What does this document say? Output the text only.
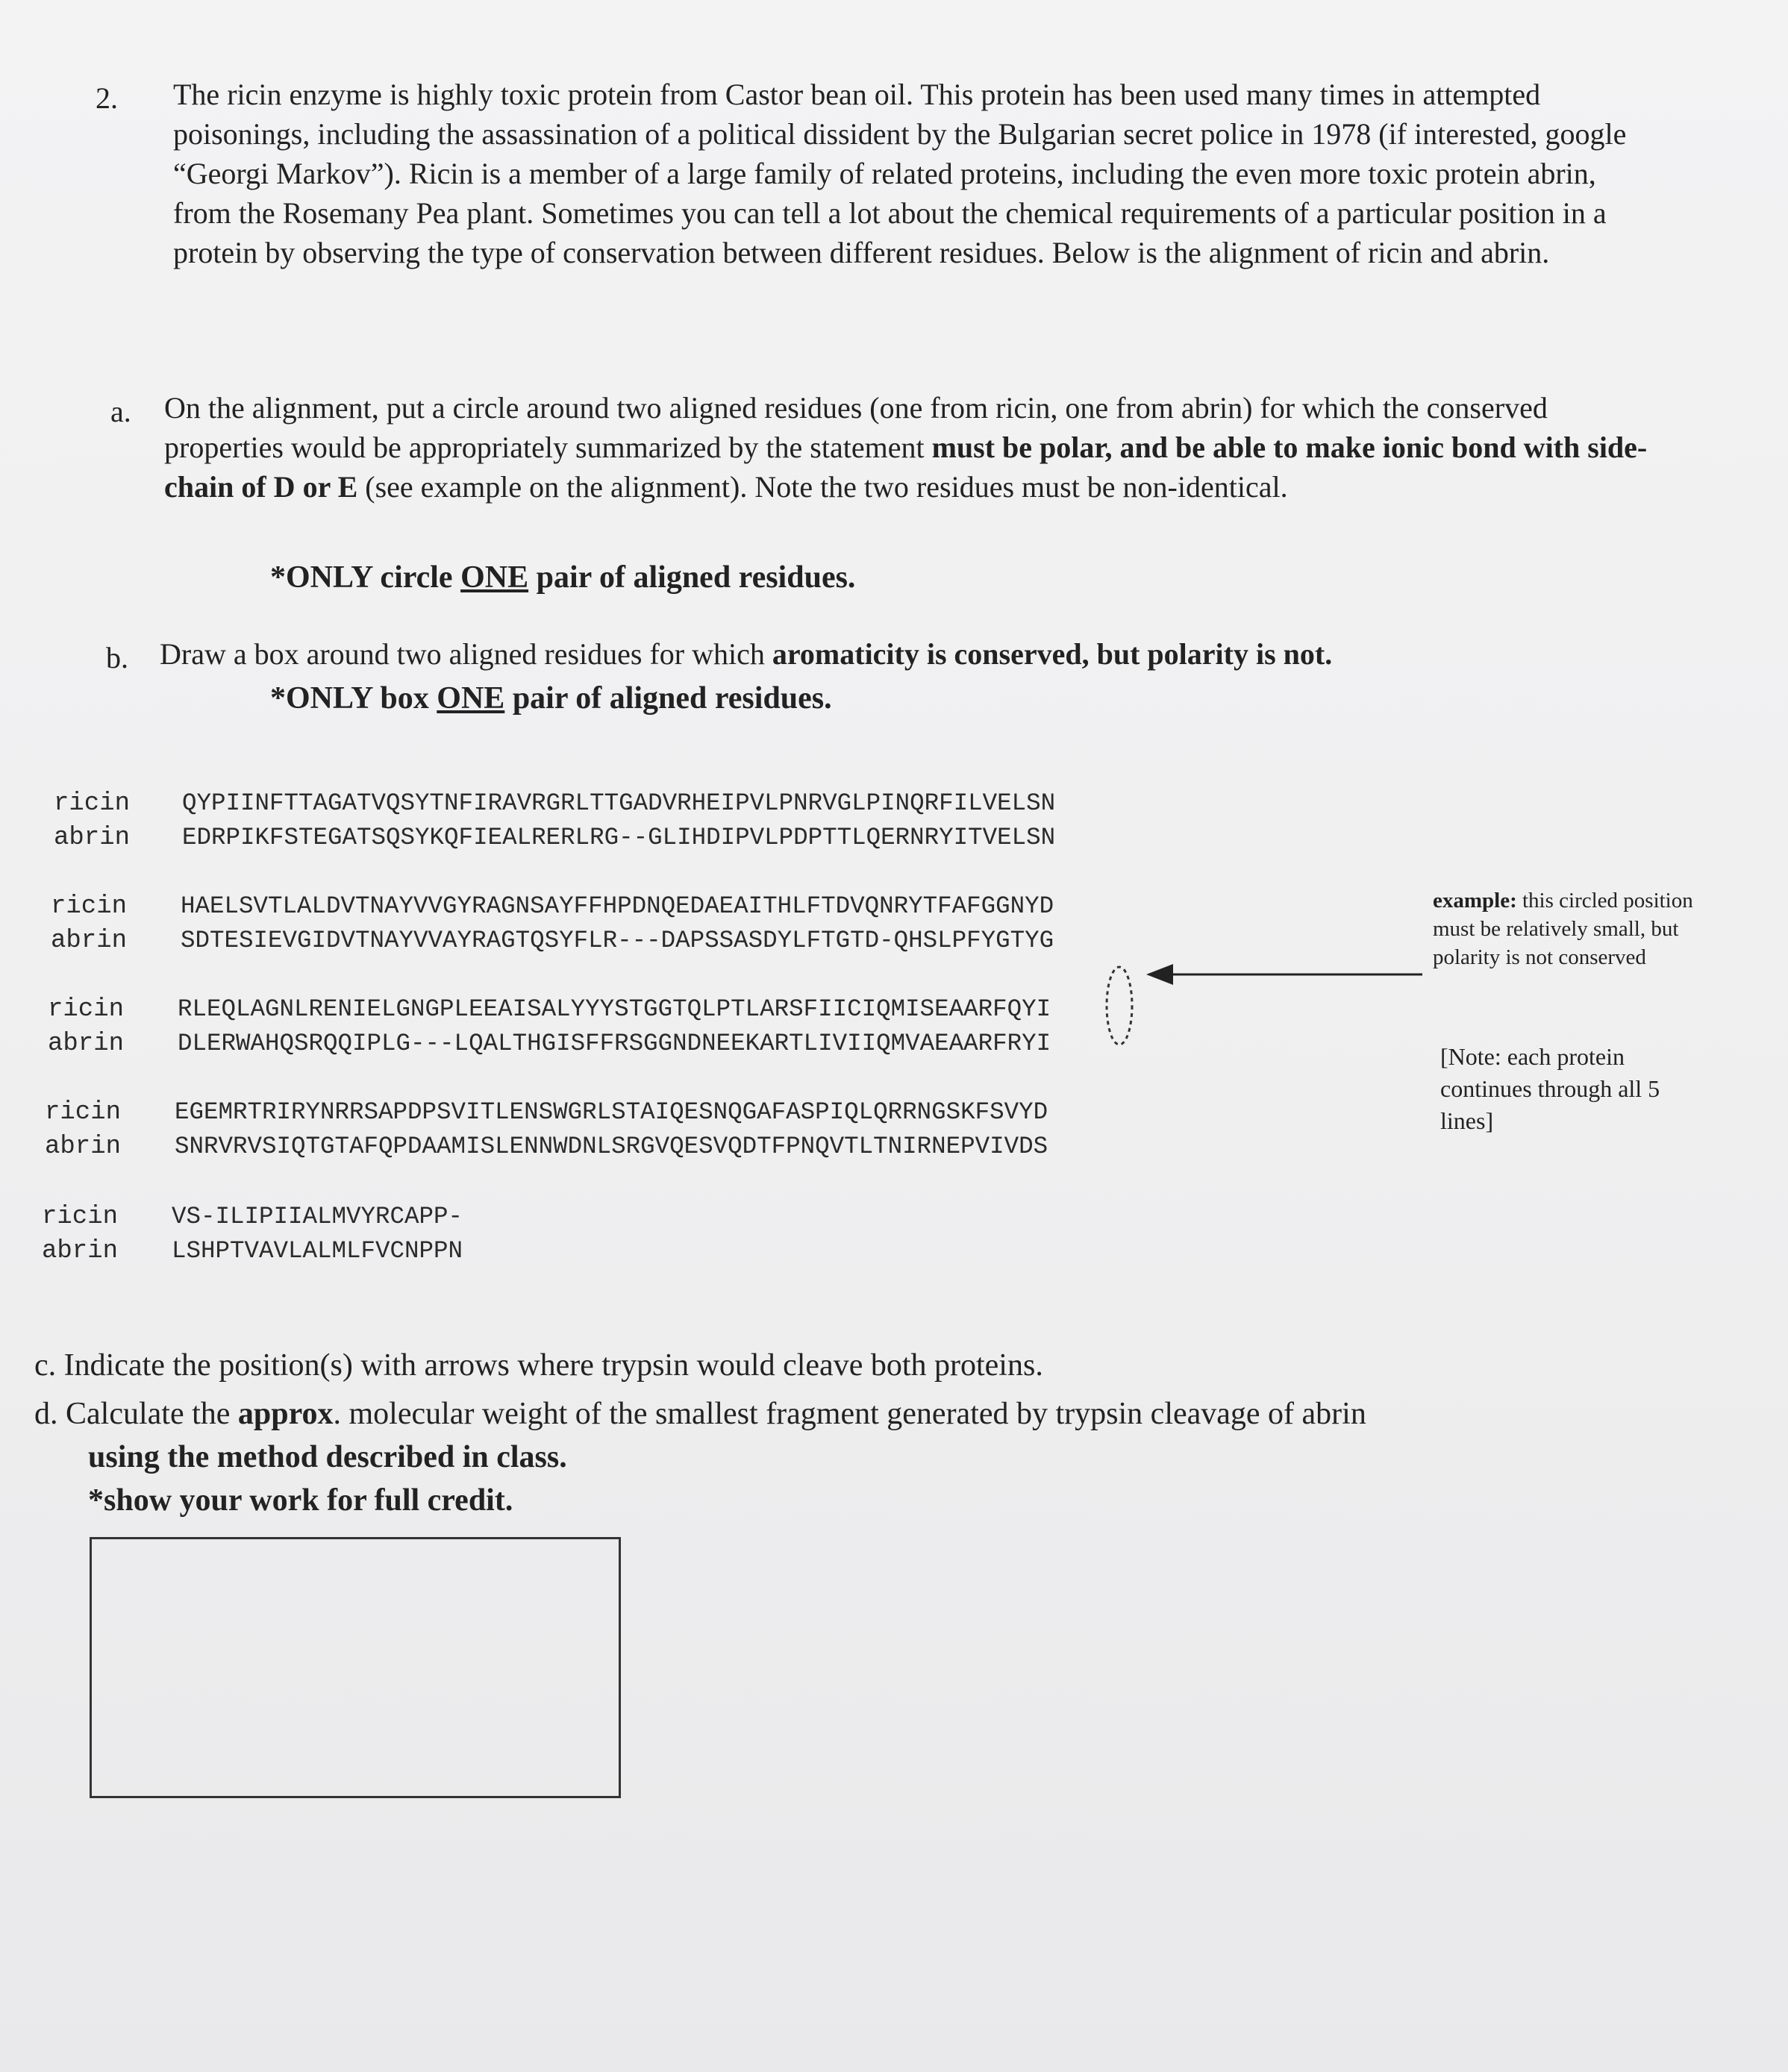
2. The ricin enzyme is highly toxic protein from Castor bean oil. This protein has been used many times in attempted poisonings, including the assassination of a political dissident by the Bulgarian secret police in 1978 (if interested, google “Georgi Markov”). Ricin is a member of a large family of related proteins, including the even more toxic protein abrin, from the Rosemany Pea plant. Sometimes you can tell a lot about the chemical requirements of a particular position in a protein by observing the type of conservation between different residues. Below is the alignment of ricin and abrin.
a. On the alignment, put a circle around two aligned residues (one from ricin, one from abrin) for which the conserved properties would be appropriately summarized by the statement must be polar, and be able to make ionic bond with side-chain of D or E (see example on the alignment). Note the two residues must be non-identical.
*ONLY circle ONE pair of aligned residues.
b. Draw a box around two aligned residues for which aromaticity is conserved, but polarity is not.
*ONLY box ONE pair of aligned residues.
ricin QYPIINFTTAGATVQSYTNFIRAVRGRLTTGADVRHEIPVLPNRVGLPINQRFILVELSN
abrin EDRPIKFSTEGATSQSYKQFIEALRERLRG--GLIHDIPVLPDPTTLQERNRYITVELSN
ricin HAELSVTLALDVTNAYVVGYRAGNSAYFFHPDNQEDAEAITHLFTDVQNRYTFAFGGNYD
abrin SDTESIEVGIDVTNAYVVAYRAGTQSYFLR---DAPSSASDYLFTGTD-QHSLPFYGTYG
ricin RLEQLAGNLRENIELGNGPLEEAISALYYYSTGGTQLPTLARSFIICIQMISEAARFQYI
abrin DLERWAHQSRQQIPLG---LQALTHGISFFRSGGNDNEEKARTLIVIIQMVAEAARFRYI
ricin EGEMRTRIRYNRRSAPDPSVITLENSWGRLSTAIQESNQGAFASPIQLQRRNGSKFSVYD
abrin SNRVRVSIQTGTAFQPDAAMISLENNWDNLSRGVQESVQDTFPNQVTLTNIRNEPVIVDS
ricin VS-ILIPIIALMVYRCAPP-
abrin LSHPTVAVLALMLFVCNPPN
example: this circled position must be relatively small, but polarity is not conserved
[Note: each protein continues through all 5 lines]
c. Indicate the position(s) with arrows where trypsin would cleave both proteins.
d. Calculate the approx. molecular weight of the smallest fragment generated by trypsin cleavage of abrin
using the method described in class.
*show your work for full credit.
